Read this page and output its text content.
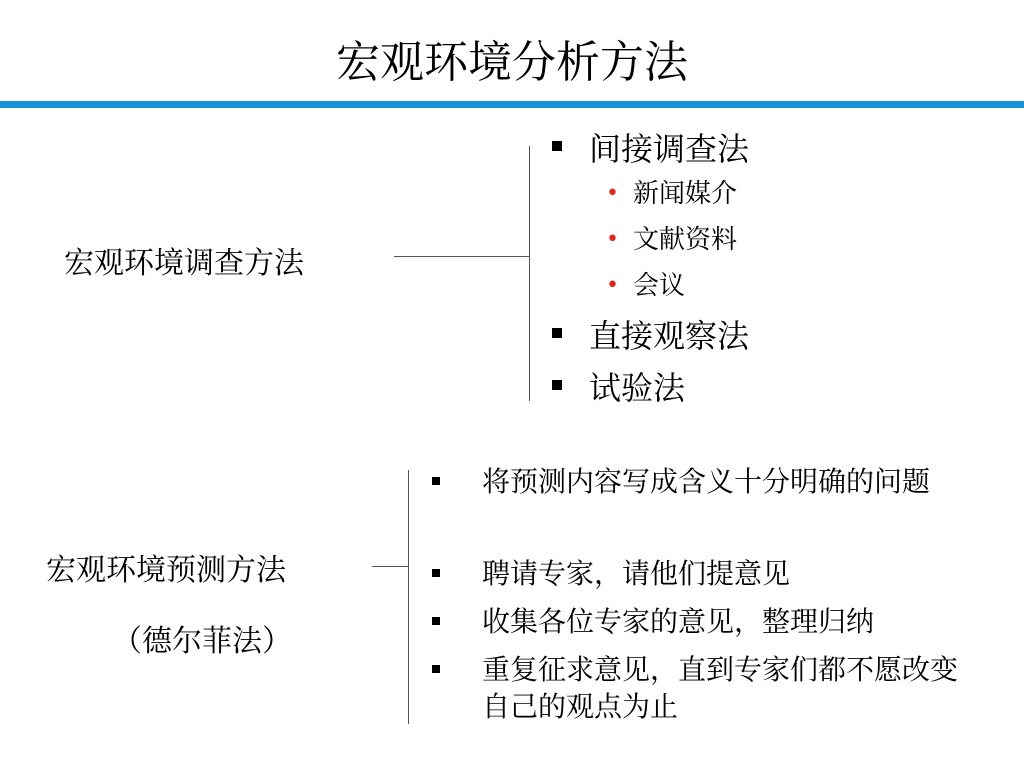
宏观环境分析方法
宏观环境调查方法
间接调查法
• 新闻媒介
• 文献资料
• 会议
直接观察法
试验法
宏观环境预测方法
（德尔菲法）
将预测内容写成含义十分明确的问题
聘请专家，请他们提意见
收集各位专家的意见，整理归纳
重复征求意见，直到专家们都不愿改变自己的观点为止
